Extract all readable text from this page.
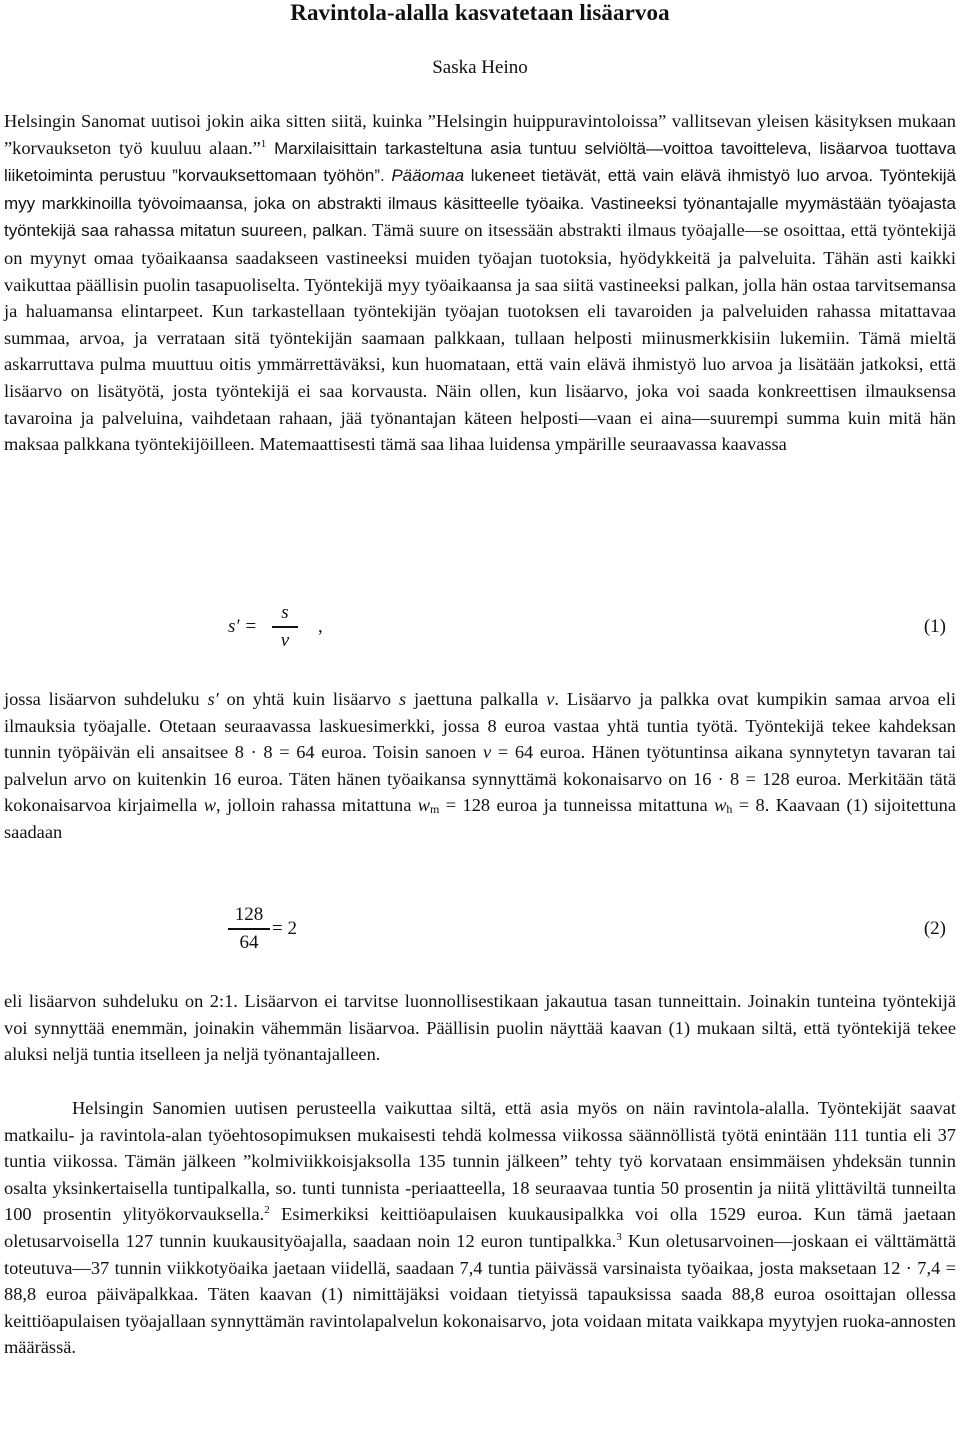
Ravintola-alalla kasvatetaan lisäarvoa
Saska Heino

Helsingin Sanomat uutisoi jokin aika sitten siitä, kuinka ”Helsingin huippuravintoloissa” vallitsevan yleisen käsityksen mukaan ”korvaukseton työ kuuluu alaan.”$^1$ Marxilaisittain tarkasteltuna asia tuntuu selviöltä—voittoa tavoitteleva, lisäarvoa tuottava liiketoiminta perustuu ”korvauksettomaan työhön”. Pääomaa lukeneet tietävät, että vain elävä ihmistyö luo arvoa. Työntekijä myy markkinoilla työvoimaansa, joka on abstrakti ilmaus käsitteelle työaika. Vastineeksi työnantajalle myymästään työajasta työntekijä saa rahassa mitatun suureen, palkan. Tämä suure on itsessään abstrakti ilmaus työajalle—se osoittaa, että työntekijä on myynyt omaa työaikaansa saadakseen vastineeksi muiden työajan tuotoksia, hyödykkeitä ja palveluita. Tähän asti kaikki vaikuttaa päällisin puolin tasapuoliselta. Työntekijä myy työaikaansa ja saa siitä vastineeksi palkan, jolla hän ostaa tarvitsemansa ja haluamansa elintarpeet. Kun tarkastellaan työntekijän työajan tuotoksen eli tavaroiden ja palveluiden rahassa mitattavaa summaa, arvoa, ja verrataan sitä työntekijän saamaan palkkaan, tullaan helposti miinusmerkkisiin lukemiin. Tämä mieltä askarruttava pulma muuttuu oitis ymmärrettäväksi, kun huomataan, että vain elävä ihmistyö luo arvoa ja lisätään jatkoksi, että lisäarvo on lisätyötä, josta työntekijä ei saa korvausta. Näin ollen, kun lisäarvo, joka voi saada konkreettisen ilmauksensa tavaroina ja palveluina, vaihdetaan rahaan, jää työnantajan käteen helposti—vaan ei aina—suurempi summa kuin mitä hän maksaa palkkana työntekijöilleen. Matemaattisesti tämä saa lihaa luidensa ympärille seuraavassa kaavassa

s′ =
s
v
,	(1)

jossa lisäarvon suhdeluku s′ on yhtä kuin lisäarvo s jaettuna palkalla v. Lisäarvo ja palkka ovat kumpikin samaa arvoa eli ilmauksia työajalle. Otetaan seuraavassa laskuesimerkki, jossa 8 euroa vastaa yhtä tuntia työtä. Työntekijä tekee kahdeksan tunnin työpäivän eli ansaitsee 8 · 8 = 64 euroa. Toisin sanoen v = 64 euroa. Hänen työtuntinsa aikana synnytetyn tavaran tai palvelun arvo on kuitenkin 16 euroa. Täten hänen työaikansa synnyttämä kokonaisarvo on 16 · 8 = 128 euroa. Merkitään tätä kokonaisarvoa kirjaimella w, jolloin rahassa mitattuna $w_m = 128$ euroa ja tunneissa mitattuna $w_h = 8$. Kaavaan (1) sijoitettuna saadaan

128
64
= 2	(2)

eli lisäarvon suhdeluku on 2:1. Lisäarvon ei tarvitse luonnollisestikaan jakautua tasan tunneittain. Joinakin tunteina työntekijä voi synnyttää enemmän, joinakin vähemmän lisäarvoa. Päällisin puolin näyttää kaavan (1) mukaan siltä, että työntekijä tekee aluksi neljä tuntia itselleen ja neljä työnantajalleen.

Helsingin Sanomien uutisen perusteella vaikuttaa siltä, että asia myös on näin ravintola-alalla. Työntekijät saavat matkailu- ja ravintola-alan työehtosopimuksen mukaisesti tehdä kolmessa viikossa säännöllistä työtä enintään 111 tuntia eli 37 tuntia viikossa. Tämän jälkeen ”kolmiviikkoisjaksolla 135 tunnin jälkeen” tehty työ korvataan ensimmäisen yhdeksän tunnin osalta yksinkertaisella tuntipalkalla, so. tunti tunnista -periaatteella, 18 seuraavaa tuntia 50 prosentin ja niitä ylittäviltä tunneilta 100 prosentin ylityökorvauksella.$^2$ Esimerkiksi keittiöapulaisen kuukausipalkka voi olla 1529 euroa. Kun tämä jaetaan oletusarvoisella 127 tunnin kuukausityöajalla, saadaan noin 12 euron tuntipalkka.$^3$ Kun oletusarvoinen—joskaan ei välttämättä toteutuva—37 tunnin viikkotyöaika jaetaan viidellä, saadaan 7,4 tuntia päivässä varsinaista työaikaa, josta maksetaan 12 · 7,4 = 88,8 euroa päiväpalkkaa. Täten kaavan (1) nimittäjäksi voidaan tietyissä tapauksissa saada 88,8 euroa osoittajan ollessa keittiöapulaisen työajallaan synnyttämän ravintolapalvelun kokonaisarvo, jota voidaan mitata vaikkapa myytyjen ruoka-annosten määrässä.
